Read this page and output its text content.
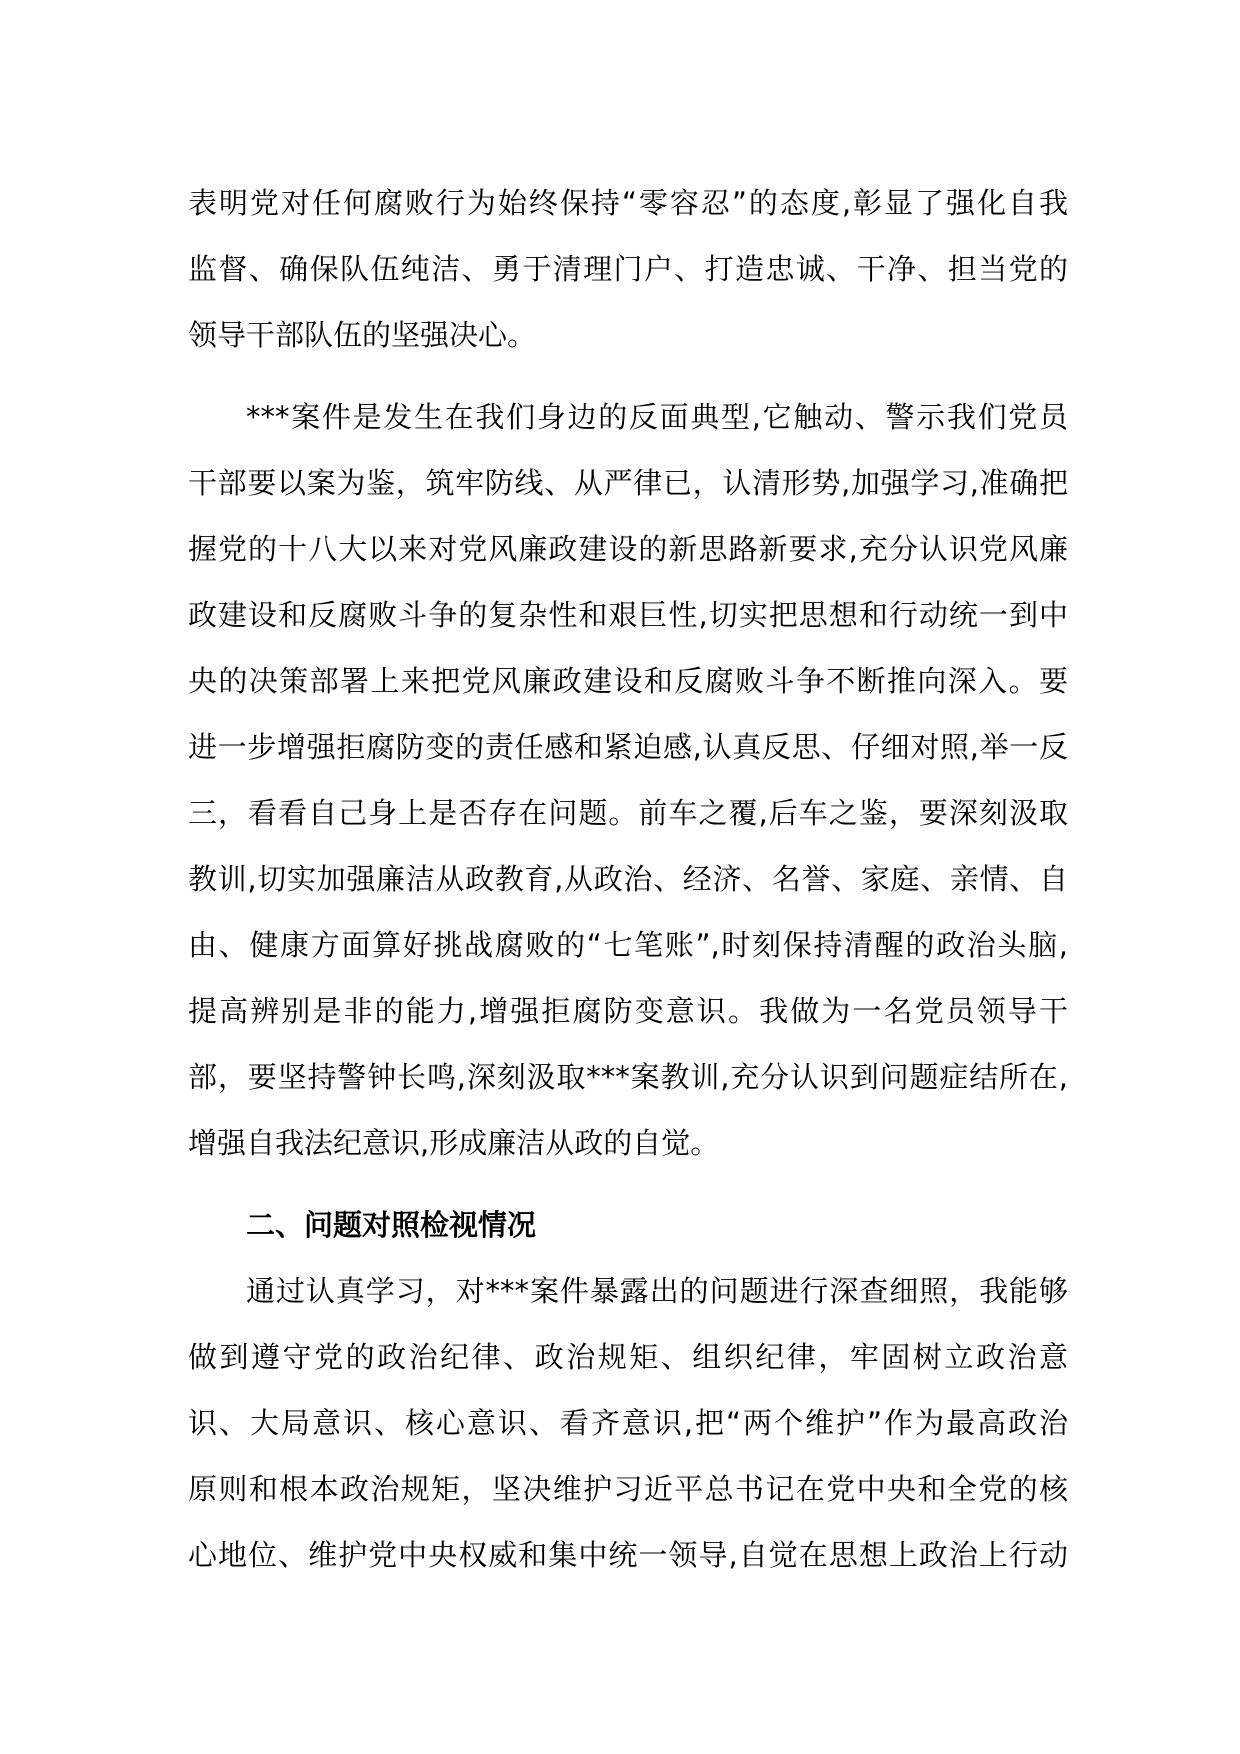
表明党对任何腐败行为始终保持“零容忍”的态度,彰显了强化自我
监督、确保队伍纯洁、勇于清理门户、打造忠诚、干净、担当党的
领导干部队伍的坚强决心。
***案件是发生在我们身边的反面典型,它触动、警示我们党员
干部要以案为鉴，筑牢防线、从严律已，认清形势,加强学习,准确把
握党的十八大以来对党风廉政建设的新思路新要求,充分认识党风廉
政建设和反腐败斗争的复杂性和艰巨性,切实把思想和行动统一到中
央的决策部署上来把党风廉政建设和反腐败斗争不断推向深入。要
进一步增强拒腐防变的责任感和紧迫感,认真反思、仔细对照,举一反
三，看看自己身上是否存在问题。前车之覆,后车之鉴，要深刻汲取
教训,切实加强廉洁从政教育,从政治、经济、名誉、家庭、亲情、自
由、健康方面算好挑战腐败的“七笔账”,时刻保持清醒的政治头脑,
提高辨别是非的能力,增强拒腐防变意识。我做为一名党员领导干
部，要坚持警钟长鸣,深刻汲取***案教训,充分认识到问题症结所在,
增强自我法纪意识,形成廉洁从政的自觉。
二、问题对照检视情况
通过认真学习，对***案件暴露出的问题进行深查细照，我能够
做到遵守党的政治纪律、政治规矩、组织纪律，牢固树立政治意
识、大局意识、核心意识、看齐意识,把“两个维护”作为最高政治
原则和根本政治规矩，坚决维护习近平总书记在党中央和全党的核
心地位、维护党中央权威和集中统一领导,自觉在思想上政治上行动
